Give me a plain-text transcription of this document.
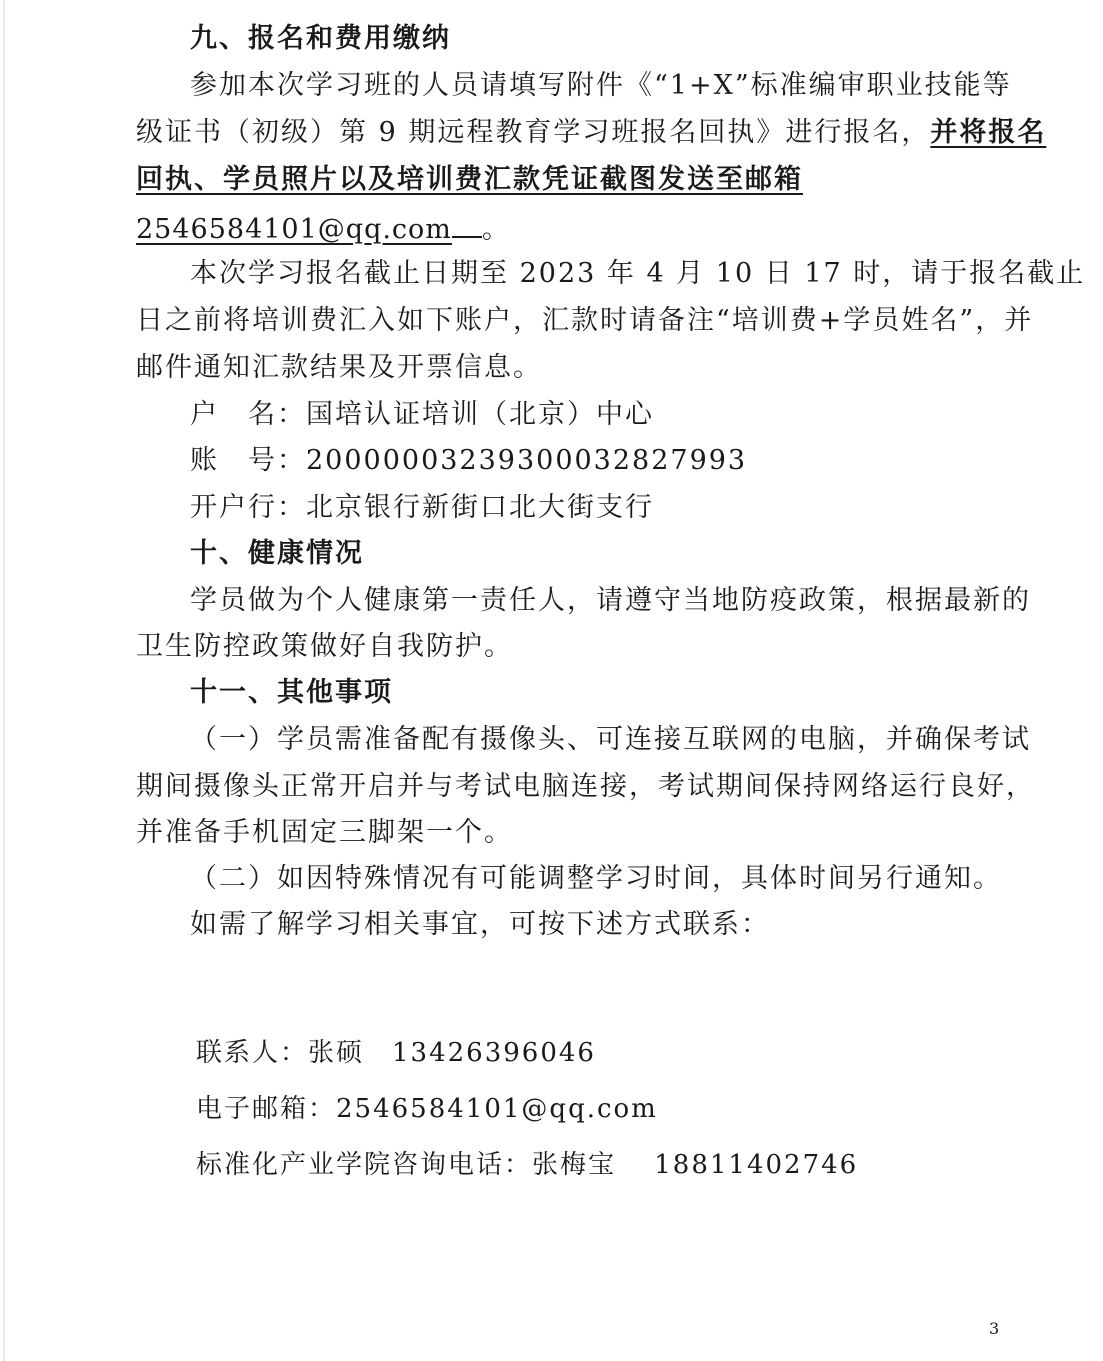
九、报名和费用缴纳
参加本次学习班的人员请填写附件《“1+X”标准编审职业技能等
级证书（初级）第 9 期远程教育学习班报名回执》进行报名，并将报名
回执、学员照片以及培训费汇款凭证截图发送至邮箱
2546584101@qq.com 。
本次学习报名截止日期至 2023 年 4 月 10 日 17 时，请于报名截止
日之前将培训费汇入如下账户，汇款时请备注“培训费+学员姓名”，并
邮件通知汇款结果及开票信息。
户　名：国培认证培训（北京）中心
账　号：20000003239300032827993
开户行：北京银行新街口北大街支行
十、健康情况
学员做为个人健康第一责任人，请遵守当地防疫政策，根据最新的
卫生防控政策做好自我防护。
十一、其他事项
（一）学员需准备配有摄像头、可连接互联网的电脑，并确保考试
期间摄像头正常开启并与考试电脑连接，考试期间保持网络运行良好，
并准备手机固定三脚架一个。
（二）如因特殊情况有可能调整学习时间，具体时间另行通知。
如需了解学习相关事宜，可按下述方式联系：
联系人：张硕　13426396046
电子邮箱：2546584101@qq.com
标准化产业学院咨询电话：张梅宝　 18811402746
3
